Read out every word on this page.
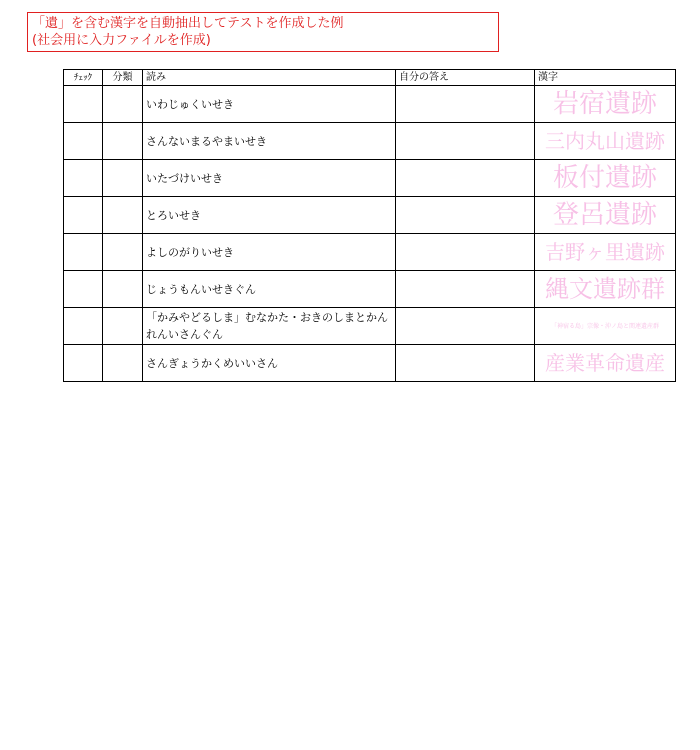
「遺」を含む漢字を自動抽出してテストを作成した例
(社会用に入力ファイルを作成)
ﾁｪｯｸ	分類	読み	自分の答え	漢字
		いわじゅくいせき		岩宿遺跡
		さんないまるやまいせき		三内丸山遺跡
		いたづけいせき		板付遺跡
		とろいせき		登呂遺跡
		よしのがりいせき		吉野ヶ里遺跡
		じょうもんいせきぐん		縄文遺跡群
		「かみやどるしま」むなかた・おきのしまとかんれんいさんぐん		「神宿る島」宗像・沖ノ島と関連遺産群
		さんぎょうかくめいいさん		産業革命遺産
